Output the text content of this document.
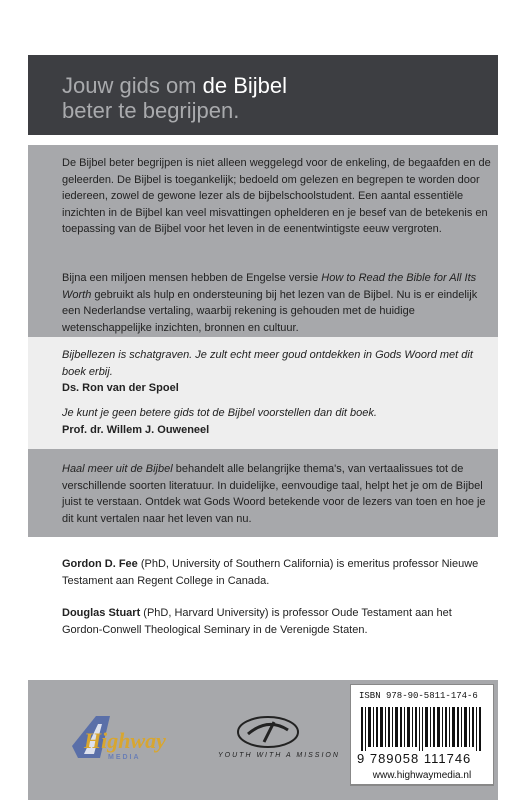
Jouw gids om de Bijbel
beter te begrijpen.
De Bijbel beter begrijpen is niet alleen weggelegd voor de enkeling, de begaafden en de geleerden. De Bijbel is toegankelijk; bedoeld om gelezen en begrepen te worden door iedereen, zowel de gewone lezer als de bijbelschoolstudent. Een aantal essentiële inzichten in de Bijbel kan veel misvattingen ophelderen en je besef van de betekenis en toepassing van de Bijbel voor het leven in de eenentwintigste eeuw vergroten.
Bijna een miljoen mensen hebben de Engelse versie How to Read the Bible for All Its Worth gebruikt als hulp en ondersteuning bij het lezen van de Bijbel. Nu is er eindelijk een Nederlandse vertaling, waarbij rekening is gehouden met de huidige wetenschappelijke inzichten, bronnen en cultuur.
Bijbellezen is schatgraven. Je zult echt meer goud ontdekken in Gods Woord met dit boek erbij.
Ds. Ron van der Spoel
Je kunt je geen betere gids tot de Bijbel voorstellen dan dit boek.
Prof. dr. Willem J. Ouweneel
Haal meer uit de Bijbel behandelt alle belangrijke thema's, van vertaalissues tot de verschillende soorten literatuur. In duidelijke, eenvoudige taal, helpt het je om de Bijbel juist te verstaan. Ontdek wat Gods Woord betekende voor de lezers van toen en hoe je dit kunt vertalen naar het leven van nu.
Gordon D. Fee (PhD, University of Southern California) is emeritus professor Nieuwe Testament aan Regent College in Canada.
Douglas Stuart (PhD, Harvard University) is professor Oude Testament aan het Gordon-Conwell Theological Seminary in de Verenigde Staten.
Highway
MEDIA	YOUTH WITH A MISSION
ISBN 978-90-5811-174-6
9 789058 111746
www.highwaymedia.nl
